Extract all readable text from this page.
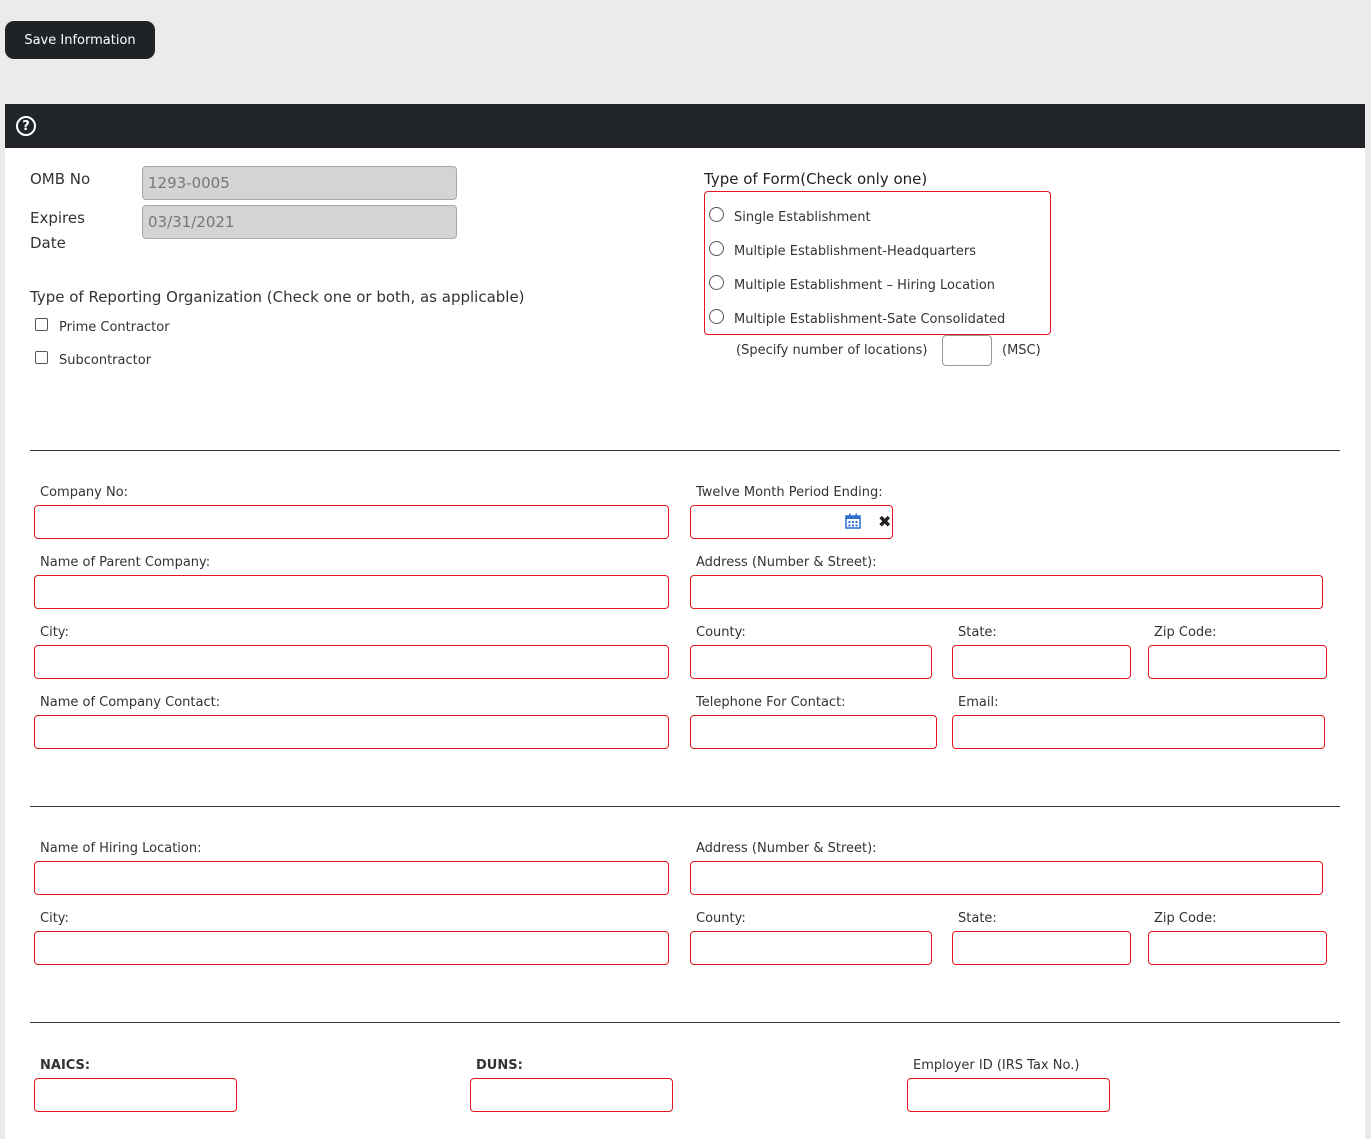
Save Information
?
OMB No
1293-0005
Expires
Date
03/31/2021
Type of Reporting Organization (Check one or both, as applicable)
Prime Contractor
Subcontractor
Type of Form(Check only one)
Single Establishment
Multiple Establishment-Headquarters
Multiple Establishment – Hiring Location
Multiple Establishment-Sate Consolidated
(Specify number of locations)	(MSC)
Company No:	Twelve Month Period Ending:
✖
Name of Parent Company:	Address (Number & Street):
City:	County:	State:	Zip Code:
Name of Company Contact:	Telephone For Contact:	Email:
Name of Hiring Location:	Address (Number & Street):
City:	County:	State:	Zip Code:
NAICS:	DUNS:	Employer ID (IRS Tax No.)
